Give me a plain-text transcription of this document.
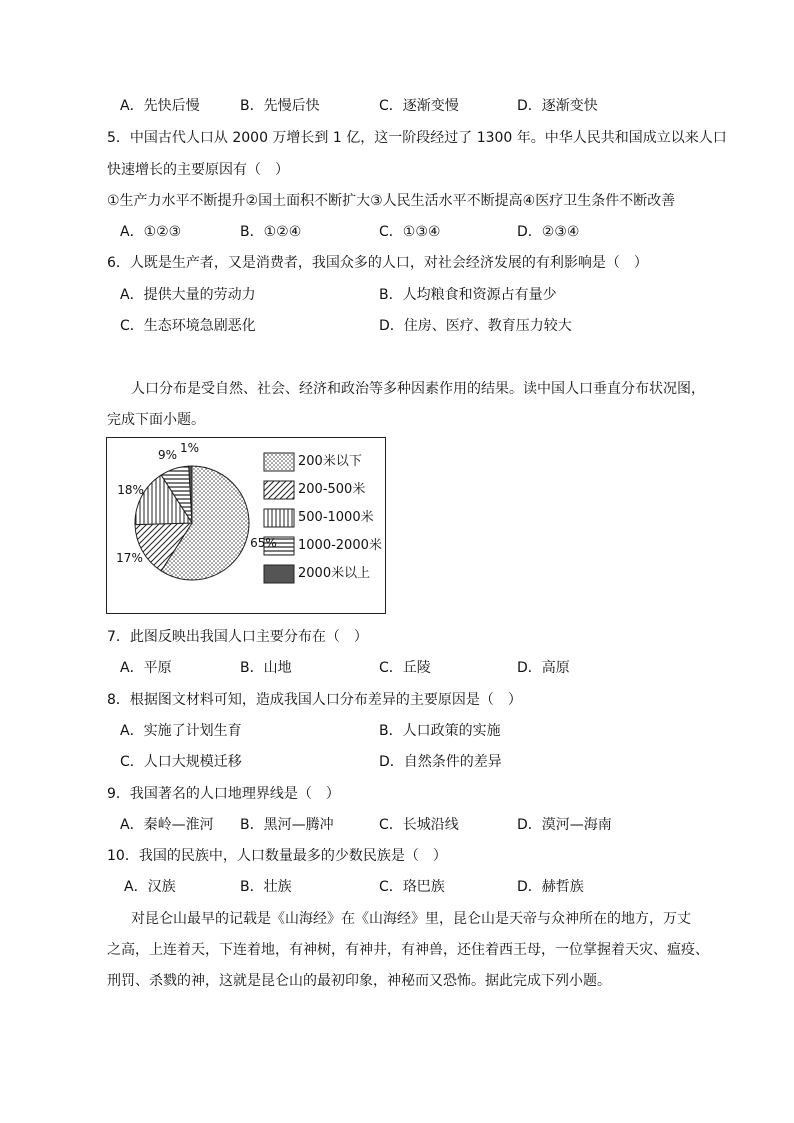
A．先快后慢	B．先慢后快	C．逐渐变慢	D．逐渐变快
5．中国古代人口从 2000 万增长到 1 亿，这一阶段经过了 1300 年。中华人民共和国成立以来人口
快速增长的主要原因有（　）
①生产力水平不断提升②国土面积不断扩大③人民生活水平不断提高④医疗卫生条件不断改善
A．①②③	B．①②④	C．①③④	D．②③④
6．人既是生产者，又是消费者，我国众多的人口，对社会经济发展的有利影响是（　）
A．提供大量的劳动力	B．人均粮食和资源占有量少
C．生态环境急剧恶化	D．住房、医疗、教育压力较大
人口分布是受自然、社会、经济和政治等多种因素作用的结果。读中国人口垂直分布状况图，
完成下面小题。
65%
17%
18%
9%
1%
200米以下
200-500米
500-1000米
1000-2000米
2000米以上
7．此图反映出我国人口主要分布在（　）
A．平原	B．山地	C．丘陵	D．高原
8．根据图文材料可知，造成我国人口分布差异的主要原因是（　）
A．实施了计划生育	B．人口政策的实施
C．人口大规模迁移	D．自然条件的差异
9．我国著名的人口地理界线是（　）
A．秦岭—淮河 B．黑河—腾冲	C．长城沿线	D．漠河—海南
10．我国的民族中，人口数量最多的少数民族是（　）
A．汉族	B．壮族	C．珞巴族	D．赫哲族
对昆仑山最早的记载是《山海经》在《山海经》里，昆仑山是天帝与众神所在的地方，万丈
之高，上连着天，下连着地，有神树，有神井，有神兽，还住着西王母，一位掌握着天灾、瘟疫、
刑罚、杀戮的神，这就是昆仑山的最初印象，神秘而又恐怖。据此完成下列小题。
